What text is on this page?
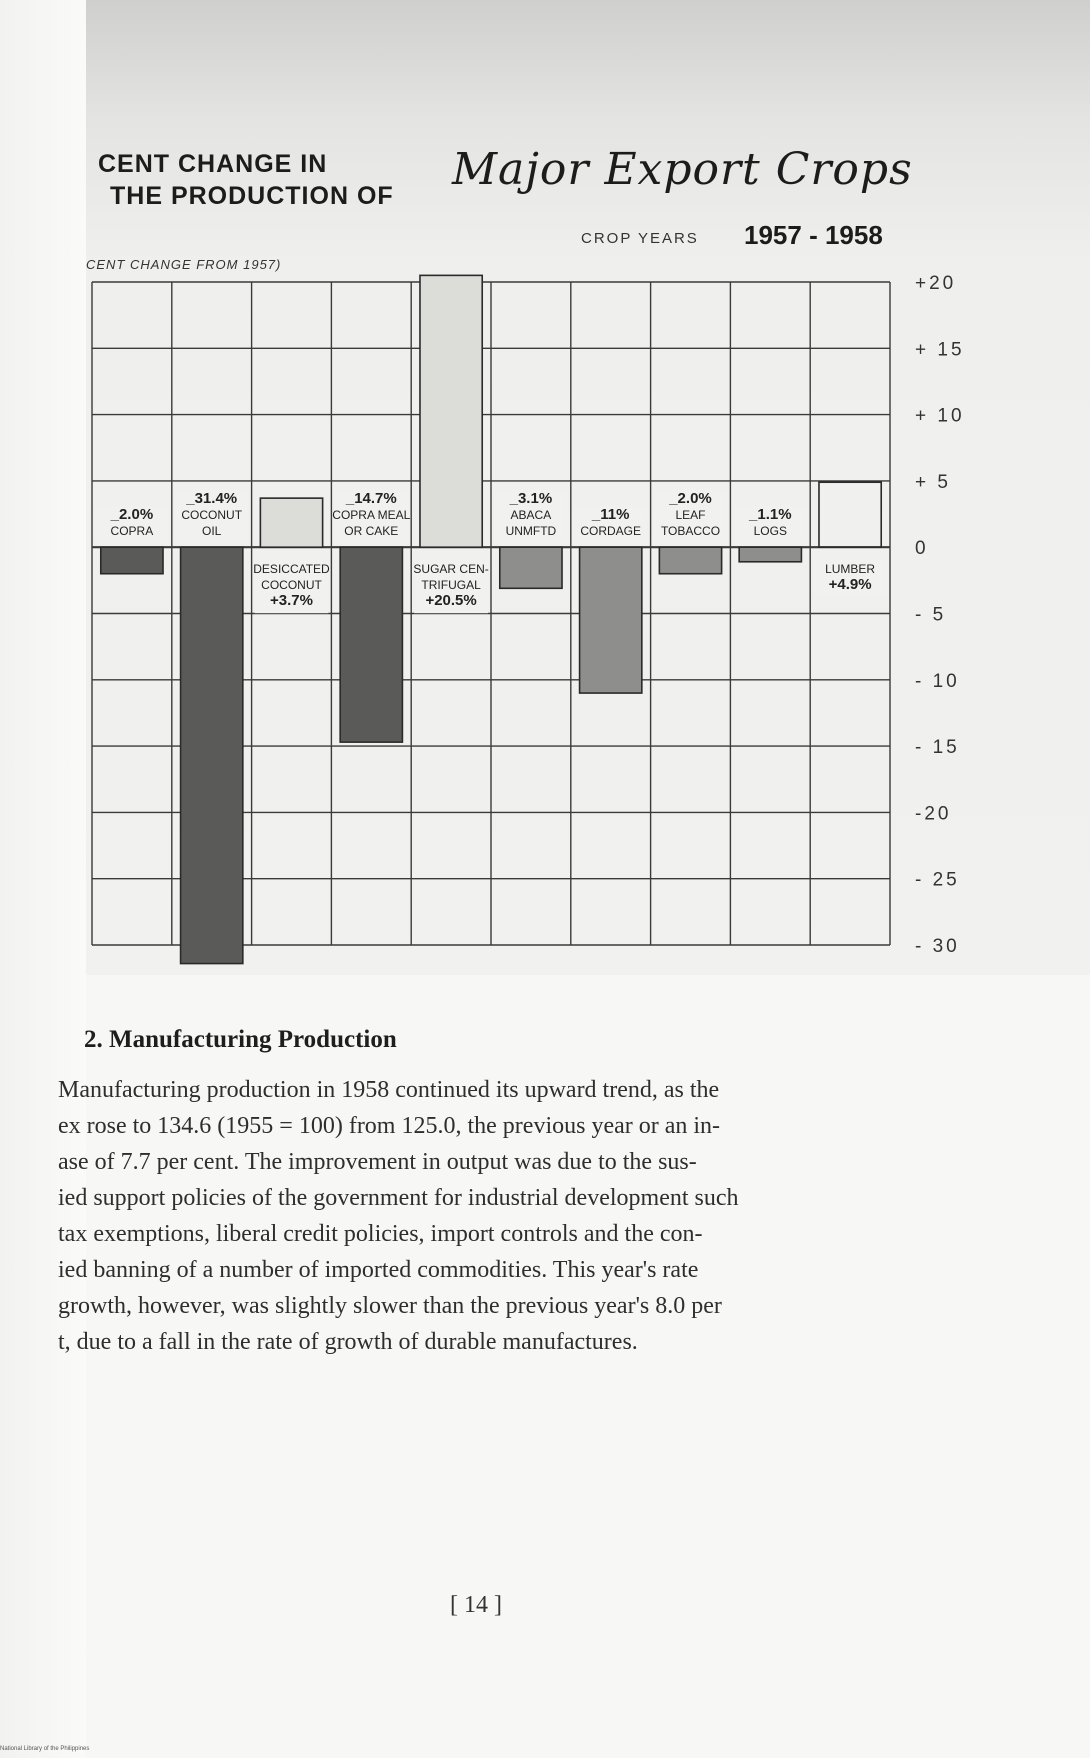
CENT CHANGE IN
THE PRODUCTION OF
Major Export Crops
CROP YEARS 1957 - 1958
CENT CHANGE FROM 1957)
+20
+ 15
+ 10
+ 5
0
- 5
- 10
- 15
-20
- 25
- 30
_2.0%
COPRA
_31.4%
COCONUT
OIL
DESICCATED
COCONUT
+3.7%
_14.7%
COPRA MEAL
OR CAKE
SUGAR CEN-
TRIFUGAL
+20.5%
_3.1%
ABACA
UNMFTD
_11%
CORDAGE
_2.0%
LEAF
TOBACCO
_1.1%
LOGS
LUMBER
+4.9%
2. Manufacturing Production
Manufacturing production in 1958 continued its upward trend, as the
ex rose to 134.6 (1955 = 100) from 125.0, the previous year or an in-
ase of 7.7 per cent. The improvement in output was due to the sus-
ied support policies of the government for industrial development such
tax exemptions, liberal credit policies, import controls and the con-
ied banning of a number of imported commodities. This year's rate
growth, however, was slightly slower than the previous year's 8.0 per
t, due to a fall in the rate of growth of durable manufactures.
[ 14 ]
National Library of the Philippines
